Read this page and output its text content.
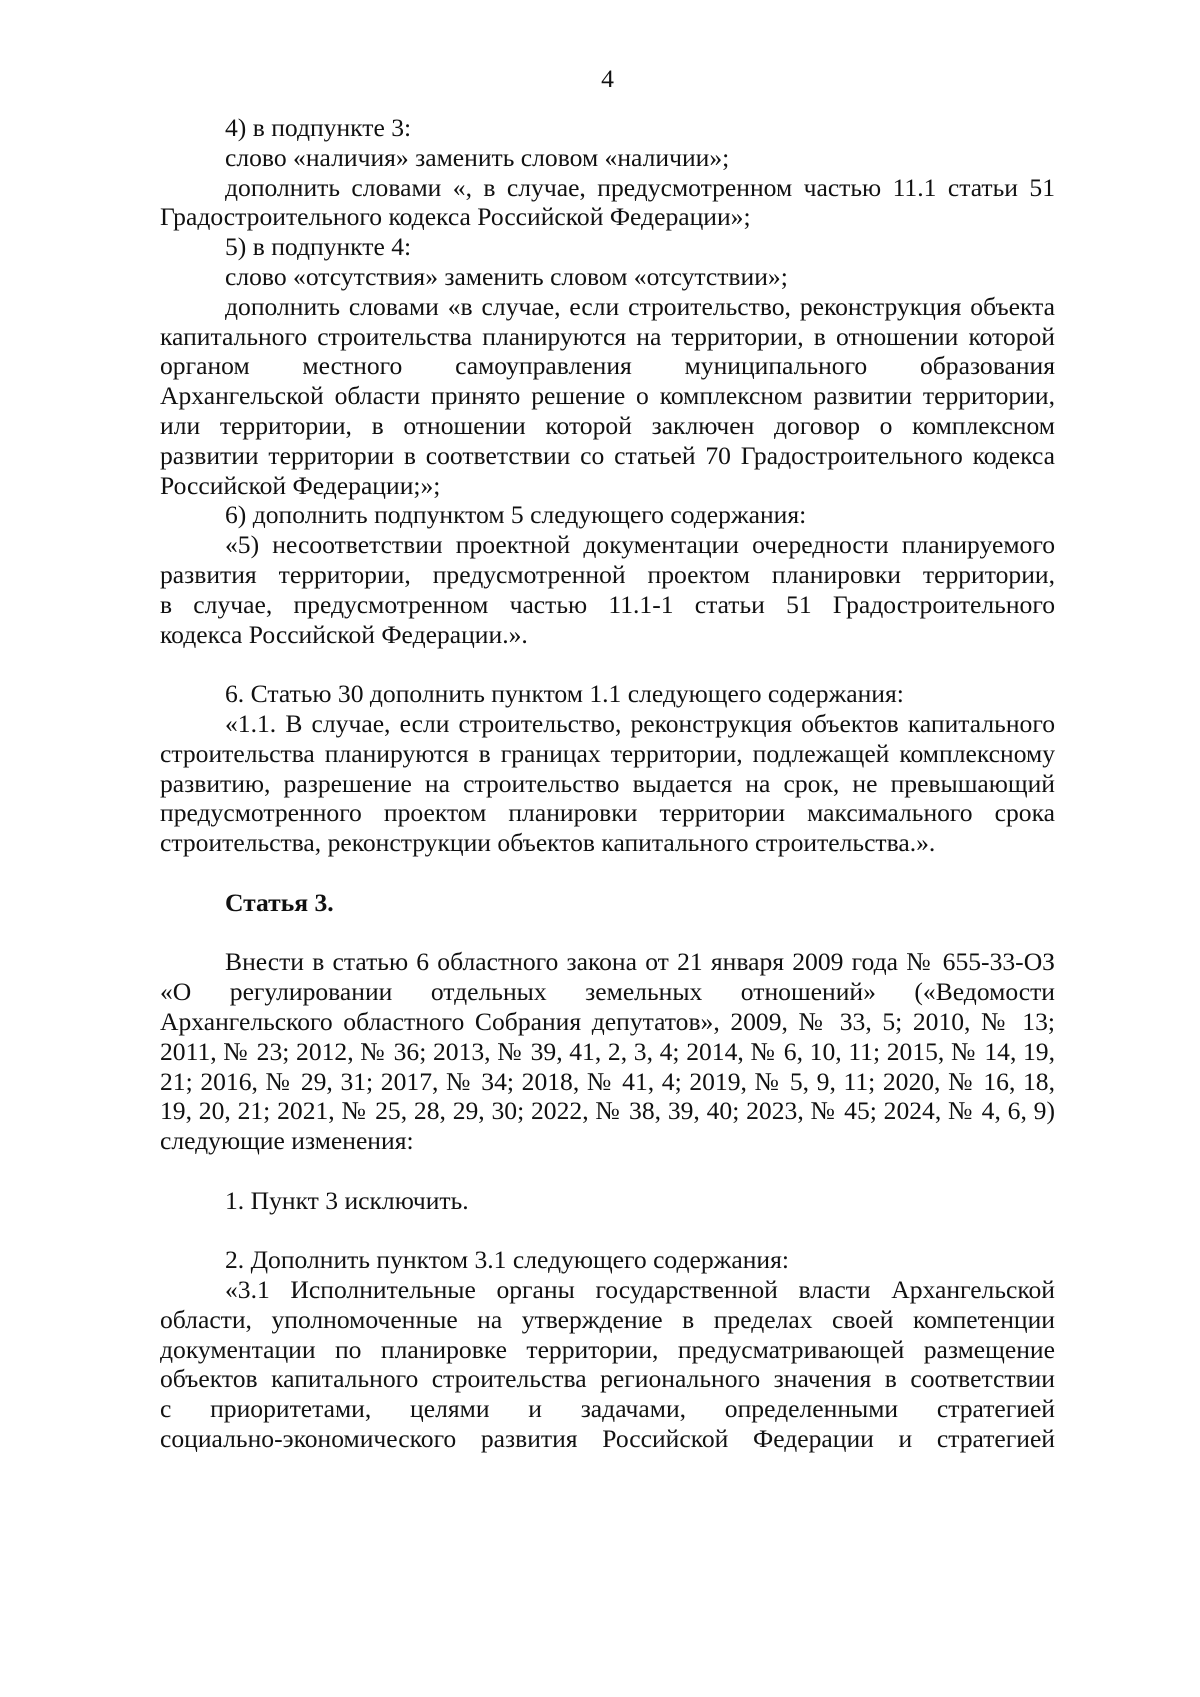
4
4) в подпункте 3:
слово «наличия» заменить словом «наличии»;
дополнить словами «, в случае, предусмотренном частью 11.1 статьи 51
Градостроительного кодекса Российской Федерации»;
5) в подпункте 4:
слово «отсутствия» заменить словом «отсутствии»;
дополнить словами «в случае, если строительство, реконструкция объекта
капитального строительства планируются на территории, в отношении которой
органом местного самоуправления муниципального образования
Архангельской области принято решение о комплексном развитии территории,
или территории, в отношении которой заключен договор о комплексном
развитии территории в соответствии со статьей 70 Градостроительного кодекса
Российской Федерации;»;
6) дополнить подпунктом 5 следующего содержания:
«5) несоответствии проектной документации очередности планируемого
развития территории, предусмотренной проектом планировки территории,
в случае, предусмотренном частью 11.1-1 статьи 51 Градостроительного
кодекса Российской Федерации.».
6. Статью 30 дополнить пунктом 1.1 следующего содержания:
«1.1. В случае, если строительство, реконструкция объектов капитального
строительства планируются в границах территории, подлежащей комплексному
развитию, разрешение на строительство выдается на срок, не превышающий
предусмотренного проектом планировки территории максимального срока
строительства, реконструкции объектов капитального строительства.».
Статья 3.
Внести в статью 6 областного закона от 21 января 2009 года № 655-33-ОЗ
«О регулировании отдельных земельных отношений» («Ведомости
Архангельского областного Собрания депутатов», 2009, № 33, 5; 2010, № 13;
2011, № 23; 2012, № 36; 2013, № 39, 41, 2, 3, 4; 2014, № 6, 10, 11; 2015, № 14, 19,
21; 2016, № 29, 31; 2017, № 34; 2018, № 41, 4; 2019, № 5, 9, 11; 2020, № 16, 18,
19, 20, 21; 2021, № 25, 28, 29, 30; 2022, № 38, 39, 40; 2023, № 45; 2024, № 4, 6, 9)
следующие изменения:
1. Пункт 3 исключить.
2. Дополнить пунктом 3.1 следующего содержания:
«3.1 Исполнительные органы государственной власти Архангельской
области, уполномоченные на утверждение в пределах своей компетенции
документации по планировке территории, предусматривающей размещение
объектов капитального строительства регионального значения в соответствии
с приоритетами, целями и задачами, определенными стратегией
социально-экономического развития Российской Федерации и стратегией
